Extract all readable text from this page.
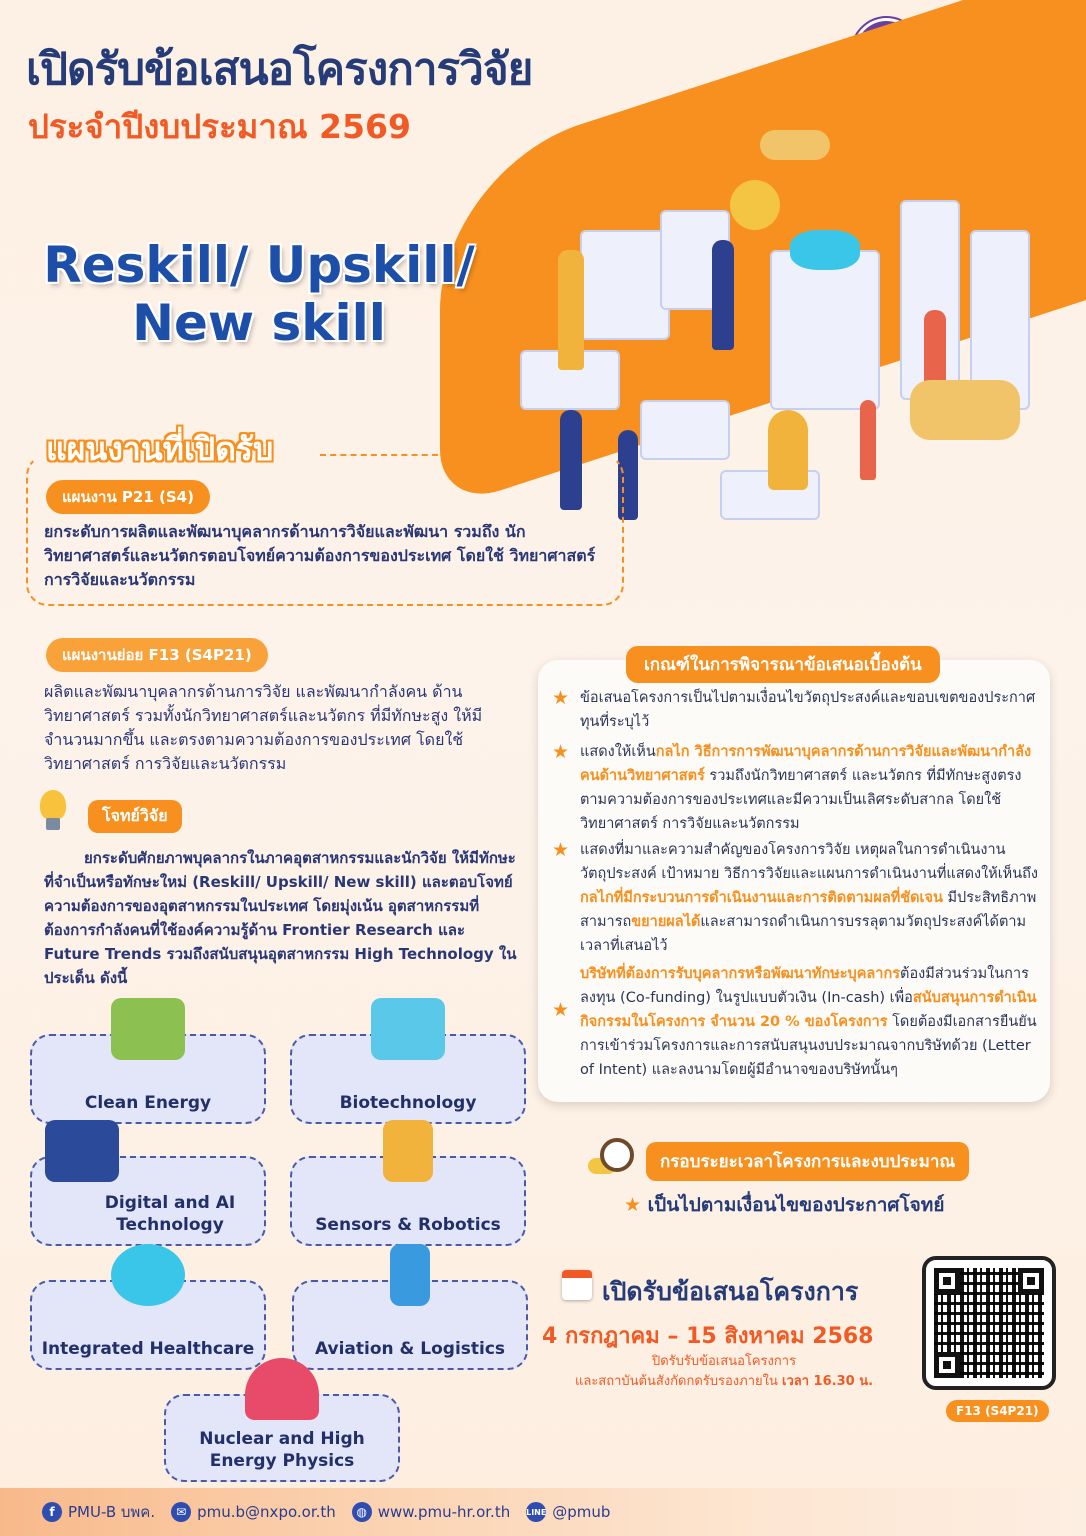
เปิดรับข้อเสนอโครงการวิจัย
ประจำปีงบประมาณ 2569
Reskill/ Upskill/
New skill
แผนงานที่เปิดรับ
แผนงาน P21 (S4)
ยกระดับการผลิตและพัฒนาบุคลากรด้านการวิจัยและพัฒนา รวมถึง นักวิทยาศาสตร์และนวัตกรตอบโจทย์ความต้องการของประเทศ โดยใช้ วิทยาศาสตร์ การวิจัยและนวัตกรรม
แผนงานย่อย F13 (S4P21)
ผลิตและพัฒนาบุคลากรด้านการวิจัย และพัฒนากำลังคน ด้านวิทยาศาสตร์ รวมทั้งนักวิทยาศาสตร์และนวัตกร ที่มีทักษะสูง ให้มีจำนวนมากขึ้น และตรงตามความต้องการของประเทศ โดยใช้ วิทยาศาสตร์ การวิจัยและนวัตกรรม
โจทย์วิจัย
ยกระดับศักยภาพบุคลากรในภาคอุตสาหกรรมและนักวิจัย ให้มีทักษะที่จำเป็นหรือทักษะใหม่ (Reskill/ Upskill/ New skill) และตอบโจทย์ความต้องการของอุตสาหกรรมในประเทศ โดยมุ่งเน้น อุตสาหกรรมที่ต้องการกำลังคนที่ใช้องค์ความรู้ด้าน Frontier Research และ Future Trends รวมถึงสนับสนุนอุตสาหกรรม High Technology ในประเด็น ดังนี้
Clean Energy	Biotechnology
Digital and AI Technology	Sensors & Robotics
Integrated Healthcare	Aviation & Logistics
Nuclear and High Energy Physics
เกณฑ์ในการพิจารณาข้อเสนอเบื้องต้น
★ ข้อเสนอโครงการเป็นไปตามเงื่อนไขวัตถุประสงค์และขอบเขตของประกาศทุนที่ระบุไว้
★ แสดงให้เห็นกลไก วิธีการการพัฒนาบุคลากรด้านการวิจัยและพัฒนากำลังคนด้านวิทยาศาสตร์ รวมถึงนักวิทยาศาสตร์ และนวัตกร ที่มีทักษะสูงตรงตามความต้องการของประเทศและมีความเป็นเลิศระดับสากล โดยใช้วิทยาศาสตร์ การวิจัยและนวัตกรรม
★ แสดงที่มาและความสำคัญของโครงการวิจัย เหตุผลในการดำเนินงาน วัตถุประสงค์ เป้าหมาย วิธีการวิจัยและแผนการดำเนินงานที่แสดงให้เห็นถึงกลไกที่มีกระบวนการดำเนินงานและการติดตามผลที่ชัดเจน มีประสิทธิภาพสามารถขยายผลได้และสามารถดำเนินการบรรลุตามวัตถุประสงค์ได้ตามเวลาที่เสนอไว้
★
บริษัทที่ต้องการรับบุคลากรหรือพัฒนาทักษะบุคลากรต้องมีส่วนร่วมในการลงทุน (Co-funding) ในรูปแบบตัวเงิน (In-cash) เพื่อสนับสนุนการดำเนินกิจกรรมในโครงการ จำนวน 20 % ของโครงการ โดยต้องมีเอกสารยืนยันการเข้าร่วมโครงการและการสนับสนุนงบประมาณจากบริษัทด้วย (Letter of Intent) และลงนามโดยผู้มีอำนาจของบริษัทนั้นๆ
กรอบระยะเวลาโครงการและงบประมาณ
★ เป็นไปตามเงื่อนไขของประกาศโจทย์
เปิดรับข้อเสนอโครงการ
4 กรกฎาคม – 15 สิงหาคม 2568
ปิดรับรับข้อเสนอโครงการ
และสถาบันต้นสังกัดกดรับรองภายใน เวลา 16.30 น.
F13 (S4P21)
f PMU-B บพค.	✉ pmu.b@nxpo.or.th	◍ www.pmu-hr.or.th LINE @pmub
